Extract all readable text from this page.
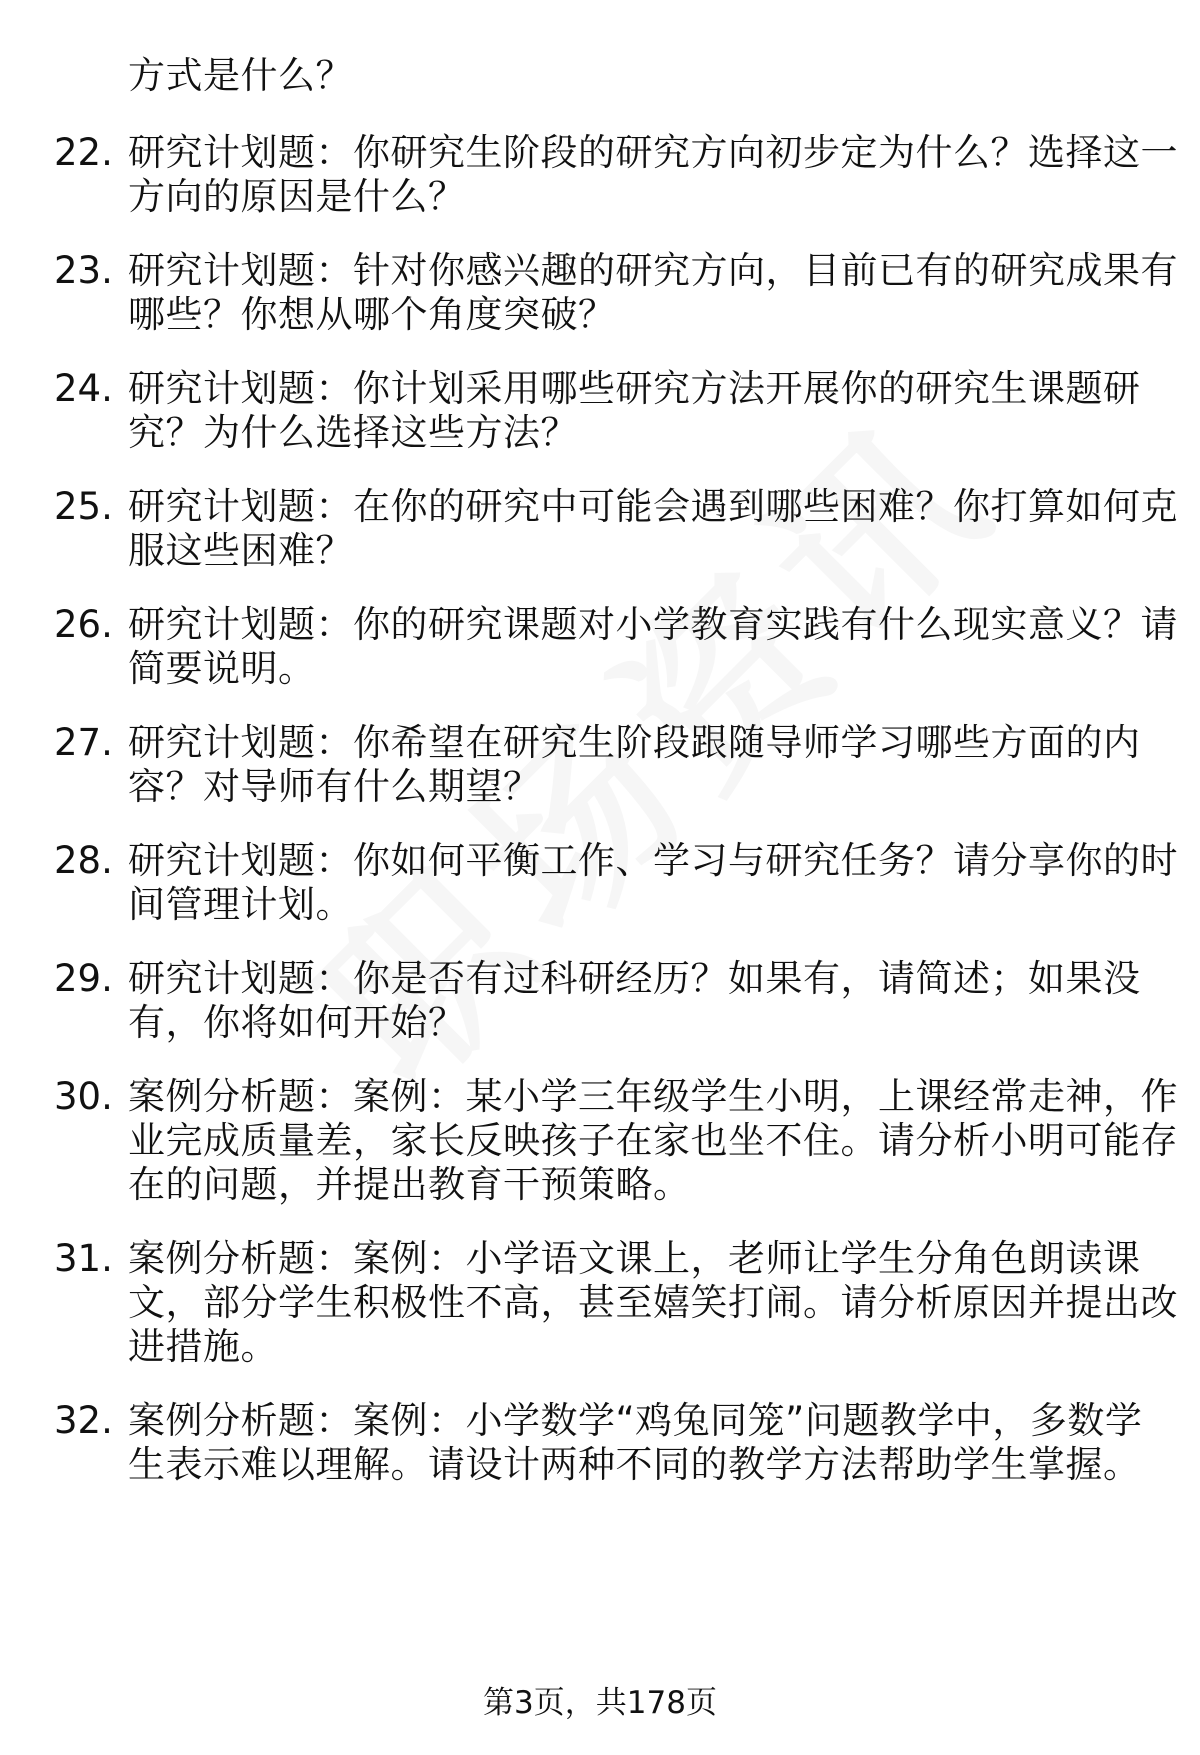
方式是什么？
22. 研究计划题：你研究生阶段的研究方向初步定为什么？选择这一
方向的原因是什么？
23. 研究计划题：针对你感兴趣的研究方向，目前已有的研究成果有
哪些？你想从哪个角度突破？
24. 研究计划题：你计划采用哪些研究方法开展你的研究生课题研
究？为什么选择这些方法？
25. 研究计划题：在你的研究中可能会遇到哪些困难？你打算如何克
服这些困难？
26. 研究计划题：你的研究课题对小学教育实践有什么现实意义？请
简要说明。
27. 研究计划题：你希望在研究生阶段跟随导师学习哪些方面的内
容？对导师有什么期望？
28. 研究计划题：你如何平衡工作、学习与研究任务？请分享你的时
间管理计划。
29. 研究计划题：你是否有过科研经历？如果有，请简述；如果没
有，你将如何开始？
30. 案例分析题：案例：某小学三年级学生小明，上课经常走神，作
业完成质量差，家长反映孩子在家也坐不住。请分析小明可能存
在的问题，并提出教育干预策略。
31. 案例分析题：案例：小学语文课上，老师让学生分角色朗读课
文，部分学生积极性不高，甚至嬉笑打闹。请分析原因并提出改
进措施。
32. 案例分析题：案例：小学数学“鸡兔同笼”问题教学中，多数学
生表示难以理解。请设计两种不同的教学方法帮助学生掌握。
第3页，共178页
